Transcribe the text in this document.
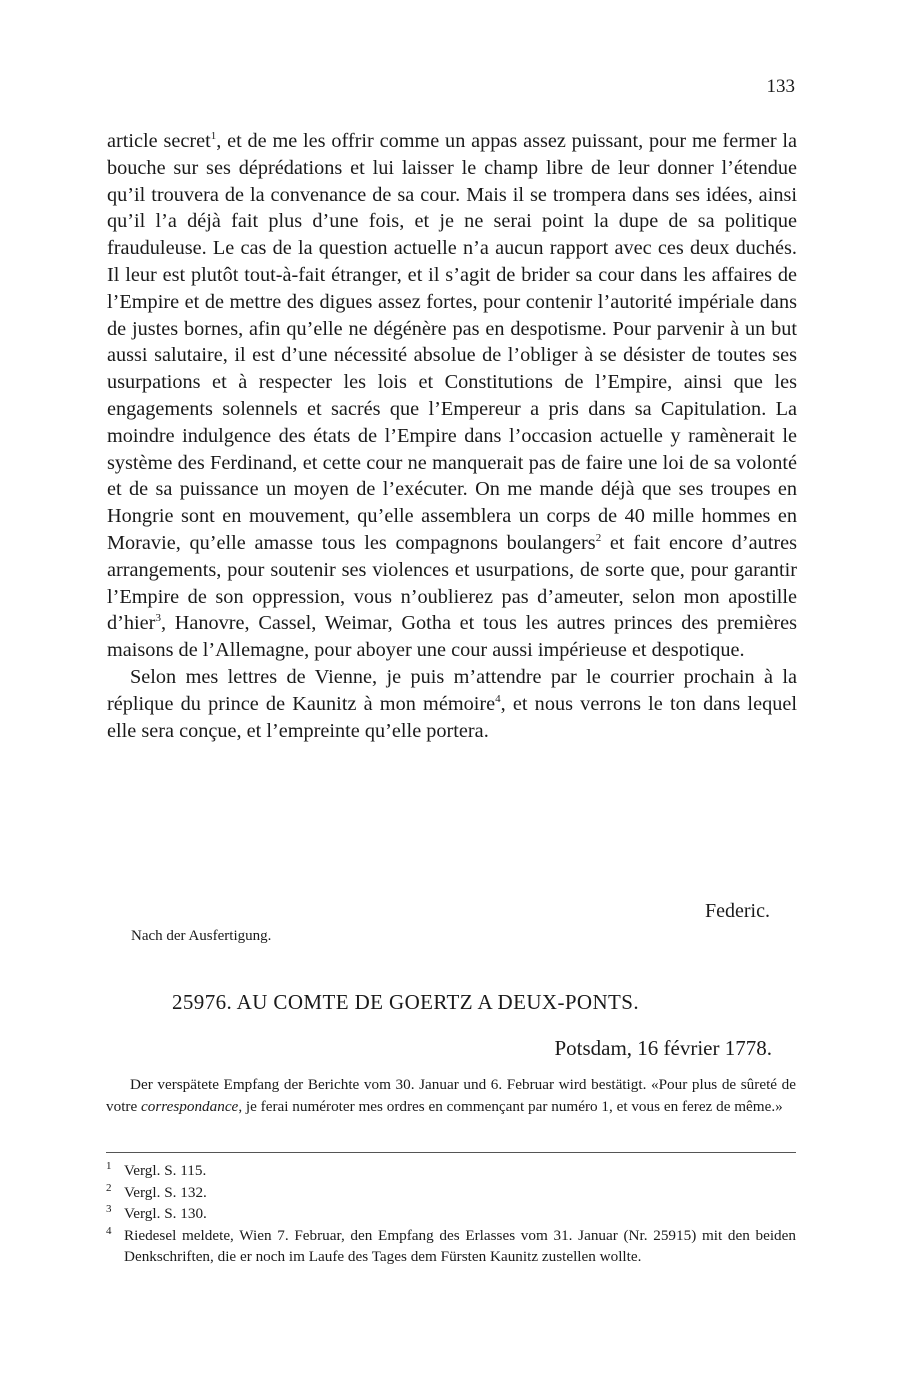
133

article secret$^1$, et de me les offrir comme un appas assez puissant, pour me fermer la bouche sur ses déprédations et lui laisser le champ libre de leur donner l’étendue qu’il trouvera de la convenance de sa cour. Mais il se trompera dans ses idées, ainsi qu’il l’a déjà fait plus d’une fois, et je ne serai point la dupe de sa politique frauduleuse. Le cas de la question actuelle n’a aucun rapport avec ces deux duchés. Il leur est plutôt tout-à-fait étranger, et il s’agit de brider sa cour dans les affaires de l’Empire et de mettre des digues assez fortes, pour contenir l’autorité impériale dans de justes bornes, afin qu’elle ne dégénère pas en despotisme. Pour parvenir à un but aussi salutaire, il est d’une nécessité absolue de l’obliger à se désister de toutes ses usurpations et à respecter les lois et Constitutions de l’Empire, ainsi que les engagements solennels et sacrés que l’Empereur a pris dans sa Capitulation. La moindre indulgence des états de l’Empire dans l’occasion actuelle y ramènerait le système des Ferdinand, et cette cour ne manquerait pas de faire une loi de sa volonté et de sa puissance un moyen de l’exécuter. On me mande déjà que ses troupes en Hongrie sont en mouvement, qu’elle assemblera un corps de 40 mille hommes en Moravie, qu’elle amasse tous les compagnons boulangers$^2$ et fait encore d’autres arrangements, pour soutenir ses violences et usurpations, de sorte que, pour garantir l’Empire de son oppression, vous n’oublierez pas d’ameuter, selon mon apostille d’hier$^3$, Hanovre, Cassel, Weimar, Gotha et tous les autres princes des premières maisons de l’Allemagne, pour aboyer une cour aussi impérieuse et despotique.

Selon mes lettres de Vienne, je puis m’attendre par le courrier prochain à la réplique du prince de Kaunitz à mon mémoire$^4$, et nous verrons le ton dans lequel elle sera conçue, et l’empreinte qu’elle portera.

Federic.
Nach der Ausfertigung.
25976. AU COMTE DE GOERTZ A DEUX-PONTS.
Potsdam, 16 février 1778.

Der verspätete Empfang der Berichte vom 30. Januar und 6. Februar wird bestätigt. «Pour plus de sûreté de votre correspondance, je ferai numéroter mes ordres en commençant par numéro 1, et vous en ferez de même.»

1 Vergl. S. 115.

2 Vergl. S. 132.

3 Vergl. S. 130.

4 Riedesel meldete, Wien 7. Februar, den Empfang des Erlasses vom 31. Januar (Nr. 25915) mit den beiden Denkschriften, die er noch im Laufe des Tages dem Fürsten Kaunitz zustellen wollte.
